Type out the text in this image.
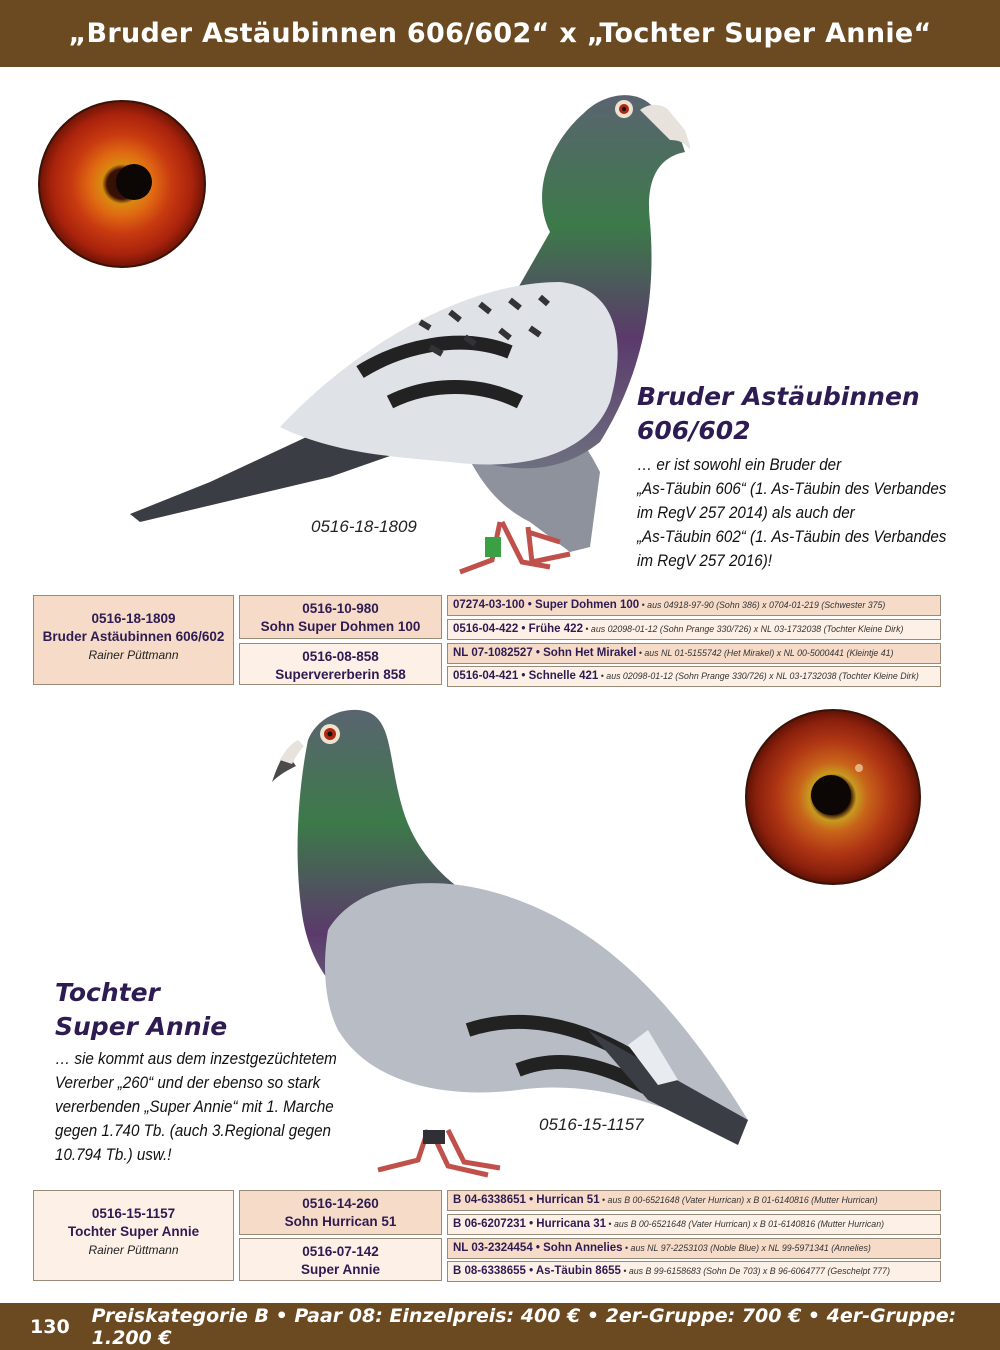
„Bruder Astäubinnen 606/602“ x „Tochter Super Annie“
0516-18-1809
Bruder Astäubinnen
606/602
… er ist sowohl ein Bruder der
„As-Täubin 606“ (1. As-Täubin des Verbandes
im RegV 257 2014) als auch der
„As-Täubin 602“ (1. As-Täubin des Verbandes
im RegV 257 2016)!
0516-18-1809
Bruder Astäubinnen 606/602
Rainer Püttmann
0516-10-980
Sohn Super Dohmen 100
0516-08-858
Supervererberin 858
07274-03-100 • Super Dohmen 100 • aus 04918-97-90 (Sohn 386) x 0704-01-219 (Schwester 375)
0516-04-422 • Frühe 422 • aus 02098-01-12 (Sohn Prange 330/726) x NL 03-1732038 (Tochter Kleine Dirk)
NL 07-1082527 • Sohn Het Mirakel • aus NL 01-5155742 (Het Mirakel) x NL 00-5000441 (Kleintje 41)
0516-04-421 • Schnelle 421 • aus 02098-01-12 (Sohn Prange 330/726) x NL 03-1732038 (Tochter Kleine Dirk)
0516-15-1157
Tochter
Super Annie
… sie kommt aus dem inzestgezüchtetem
Vererber „260“ und der ebenso so stark
vererbenden „Super Annie“ mit 1. Marche
gegen 1.740 Tb. (auch 3.Regional gegen
10.794 Tb.) usw.!
0516-15-1157
Tochter Super Annie
Rainer Püttmann
0516-14-260
Sohn Hurrican 51
0516-07-142
Super Annie
B 04-6338651 • Hurrican 51 • aus B 00-6521648 (Vater Hurrican) x B 01-6140816 (Mutter Hurrican)
B 06-6207231 • Hurricana 31 • aus B 00-6521648 (Vater Hurrican) x B 01-6140816 (Mutter Hurrican)
NL 03-2324454 • Sohn Annelies • aus NL 97-2253103 (Noble Blue) x NL 99-5971341 (Annelies)
B 08-6338655 • As-Täubin 8655 • aus B 99-6158683 (Sohn De 703) x B 96-6064777 (Geschelpt 777)
130 Preiskategorie B • Paar 08: Einzelpreis: 400 € • 2er-Gruppe: 700 € • 4er-Gruppe: 1.200 €
